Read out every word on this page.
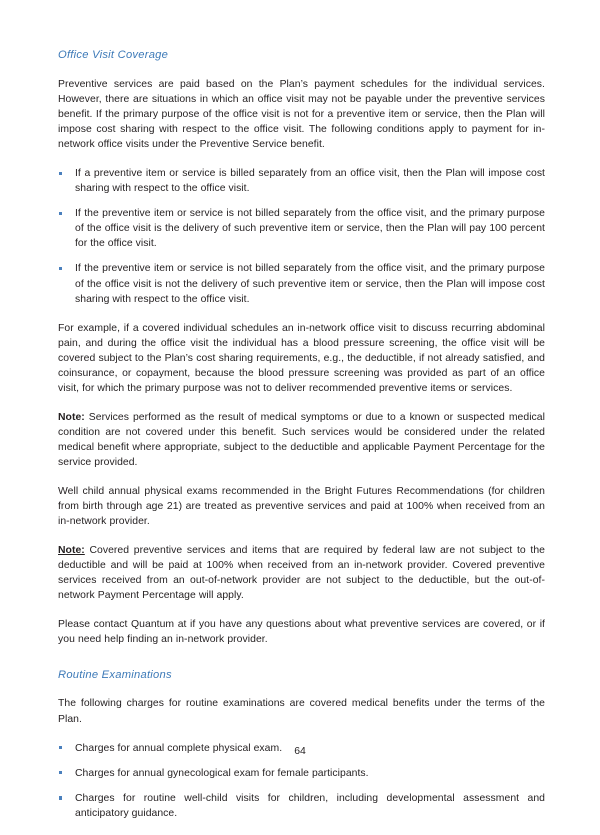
Office Visit Coverage

Preventive services are paid based on the Plan’s payment schedules for the individual services. However, there are situations in which an office visit may not be payable under the preventive services benefit. If the primary purpose of the office visit is not for a preventive item or service, then the Plan will impose cost sharing with respect to the office visit. The following conditions apply to payment for in-network office visits under the Preventive Service benefit.

If a preventive item or service is billed separately from an office visit, then the Plan will impose cost sharing with respect to the office visit.
If the preventive item or service is not billed separately from the office visit, and the primary purpose of the office visit is the delivery of such preventive item or service, then the Plan will pay 100 percent for the office visit.
If the preventive item or service is not billed separately from the office visit, and the primary purpose of the office visit is not the delivery of such preventive item or service, then the Plan will impose cost sharing with respect to the office visit.

For example, if a covered individual schedules an in-network office visit to discuss recurring abdominal pain, and during the office visit the individual has a blood pressure screening, the office visit will be covered subject to the Plan’s cost sharing requirements, e.g., the deductible, if not already satisfied, and coinsurance, or copayment, because the blood pressure screening was provided as part of an office visit, for which the primary purpose was not to deliver recommended preventive items or services.

Note: Services performed as the result of medical symptoms or due to a known or suspected medical condition are not covered under this benefit. Such services would be considered under the related medical benefit where appropriate, subject to the deductible and applicable Payment Percentage for the service provided.

Well child annual physical exams recommended in the Bright Futures Recommendations (for children from birth through age 21) are treated as preventive services and paid at 100% when received from an in-network provider.

Note: Covered preventive services and items that are required by federal law are not subject to the deductible and will be paid at 100% when received from an in-network provider. Covered preventive services received from an out-of-network provider are not subject to the deductible, but the out-of-network Payment Percentage will apply.

Please contact Quantum at if you have any questions about what preventive services are covered, or if you need help finding an in-network provider.

Routine Examinations

The following charges for routine examinations are covered medical benefits under the terms of the Plan.

Charges for annual complete physical exam.
Charges for annual gynecological exam for female participants.
Charges for routine well-child visits for children, including developmental assessment and anticipatory guidance.
64
